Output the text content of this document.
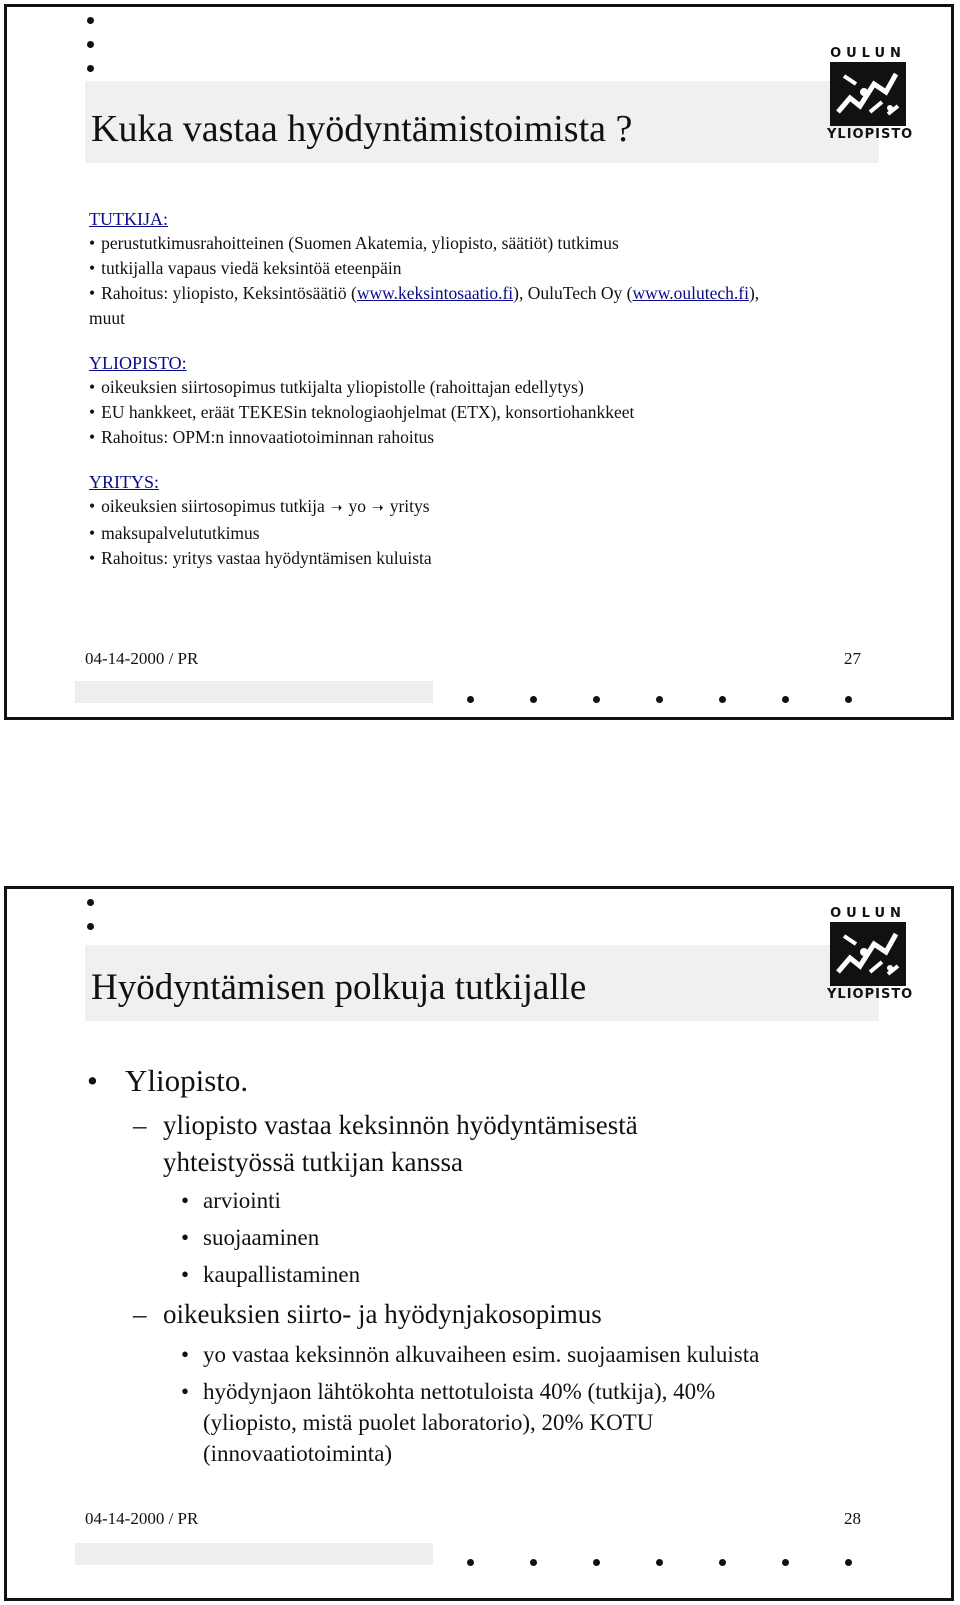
Kuka vastaa hyödyntämistoimista ?
OULUN
YLIOPISTO
TUTKIJA:
• perustutkimusrahoitteinen (Suomen Akatemia, yliopisto, säätiöt) tutkimus
• tutkijalla vapaus viedä keksintöä eteenpäin
• Rahoitus: yliopisto, Keksintösäätiö (www.keksintosaatio.fi), OuluTech Oy (www.oulutech.fi),
muut
YLIOPISTO:
• oikeuksien siirtosopimus tutkijalta yliopistolle (rahoittajan edellytys)
• EU hankkeet, eräät TEKESin teknologiaohjelmat (ETX), konsortiohankkeet
• Rahoitus: OPM:n innovaatiotoiminnan rahoitus
YRITYS:
• oikeuksien siirtosopimus tutkija ➝ yo ➝ yritys
• maksupalvelututkimus
• Rahoitus: yritys vastaa hyödyntämisen kuluista
04-14-2000 / PR	27
Hyödyntämisen polkuja tutkijalle
OULUN
YLIOPISTO

• Yliopisto.

– yliopisto vastaa keksinnön hyödyntämisestä

yhteistyössä tutkijan kanssa

• arviointi

• suojaaminen

• kaupallistaminen

– oikeuksien siirto- ja hyödynjakosopimus

• yo vastaa keksinnön alkuvaiheen esim. suojaamisen kuluista

• hyödynjaon lähtökohta nettotuloista 40% (tutkija), 40%

(yliopisto, mistä puolet laboratorio), 20% KOTU

(innovaatiotoiminta)

04-14-2000 / PR	28
